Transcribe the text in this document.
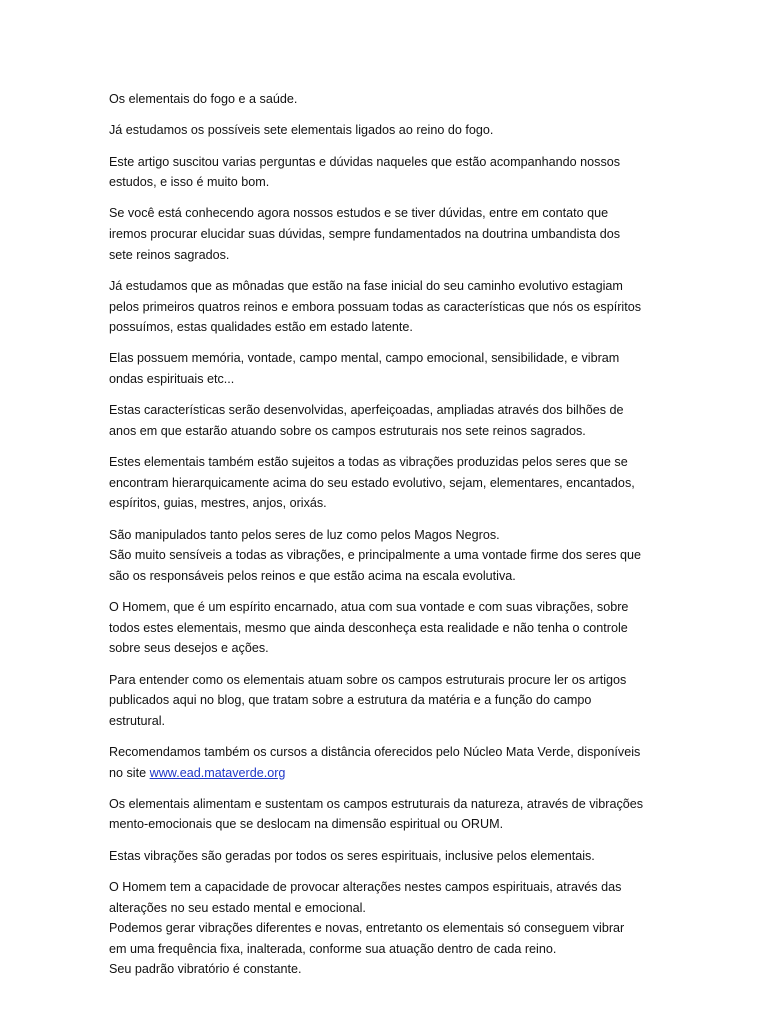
Os elementais do fogo e a saúde.

Já estudamos os possíveis sete elementais ligados ao reino do fogo.

Este artigo suscitou varias perguntas e dúvidas naqueles que estão acompanhando nossos
estudos, e isso é muito bom.

Se você está conhecendo agora nossos estudos e se tiver dúvidas, entre em contato que
iremos procurar elucidar suas dúvidas, sempre fundamentados na doutrina umbandista dos
sete reinos sagrados.

Já estudamos que as mônadas que estão na fase inicial do seu caminho evolutivo estagiam
pelos primeiros quatros reinos e embora possuam todas as características que nós os espíritos
possuímos, estas qualidades estão em estado latente.

Elas possuem memória, vontade, campo mental, campo emocional, sensibilidade, e vibram
ondas espirituais etc...

Estas características serão desenvolvidas, aperfeiçoadas, ampliadas através dos bilhões de
anos em que estarão atuando sobre os campos estruturais nos sete reinos sagrados.

Estes elementais também estão sujeitos a todas as vibrações produzidas pelos seres que se
encontram hierarquicamente acima do seu estado evolutivo, sejam, elementares, encantados,
espíritos, guias, mestres, anjos, orixás.

São manipulados tanto pelos seres de luz como pelos Magos Negros.
São muito sensíveis a todas as vibrações, e principalmente a uma vontade firme dos seres que
são os responsáveis pelos reinos e que estão acima na escala evolutiva.

O Homem, que é um espírito encarnado, atua com sua vontade e com suas vibrações, sobre
todos estes elementais, mesmo que ainda desconheça esta realidade e não tenha o controle
sobre seus desejos e ações.

Para entender como os elementais atuam sobre os campos estruturais procure ler os artigos
publicados aqui no blog, que tratam sobre a estrutura da matéria e a função do campo
estrutural.

Recomendamos também os cursos a distância oferecidos pelo Núcleo Mata Verde, disponíveis
no site www.ead.mataverde.org

Os elementais alimentam e sustentam os campos estruturais da natureza, através de vibrações
mento-emocionais que se deslocam na dimensão espiritual ou ORUM.

Estas vibrações são geradas por todos os seres espirituais, inclusive pelos elementais.

O Homem tem a capacidade de provocar alterações nestes campos espirituais, através das
alterações no seu estado mental e emocional.
Podemos gerar vibrações diferentes e novas, entretanto os elementais só conseguem vibrar
em uma frequência fixa, inalterada, conforme sua atuação dentro de cada reino.
Seu padrão vibratório é constante.
